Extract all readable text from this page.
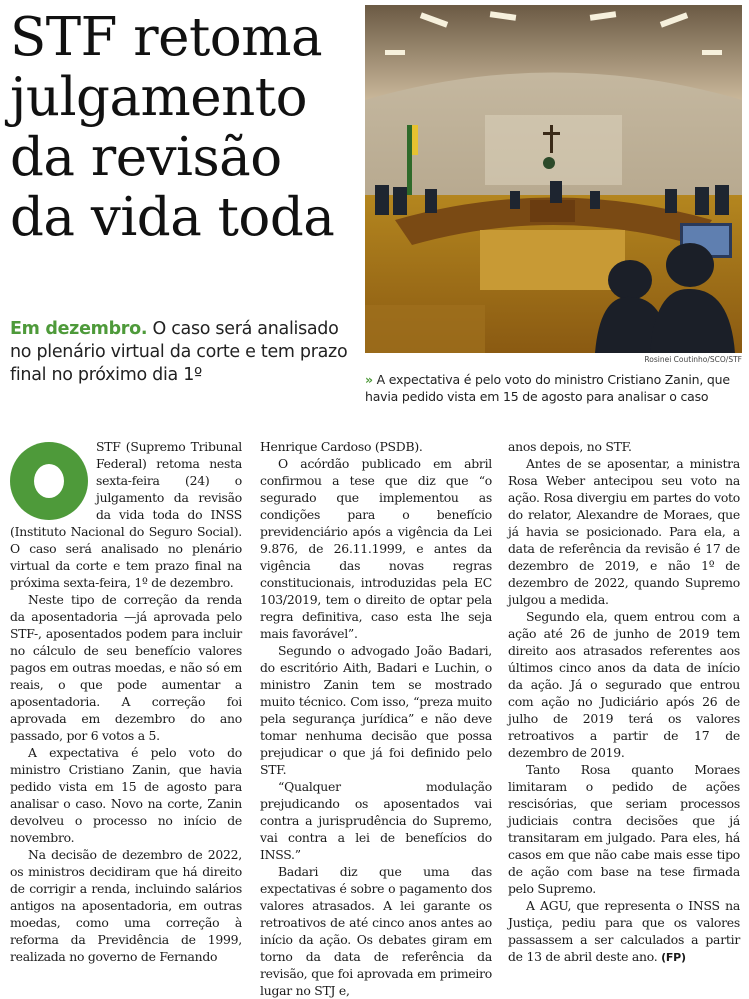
STF retoma
julgamento
da revisão
da vida toda
Em dezembro. O caso será analisado no plenário virtual da corte e tem prazo final no próximo dia 1º
Rosinei Coutinho/SCO/STF
» A expectativa é pelo voto do ministro Cristiano Zanin, que havia pedido vista em 15 de agosto para analisar o caso

STF (Supremo Tribunal Federal) retoma nesta sexta-feira (24) o julgamento da revisão da vida toda do INSS (Instituto Nacional do Seguro Social). O caso será analisado no plenário virtual da corte e tem prazo final na próxima sexta-feira, 1º de dezembro.

Neste tipo de correção da renda da aposentadoria —já aprovada pelo STF-, aposentados podem para incluir no cálculo de seu benefício valores pagos em outras moedas, e não só em reais, o que pode aumentar a aposentadoria. A correção foi aprovada em dezembro do ano passado, por 6 votos a 5.

A expectativa é pelo voto do ministro Cristiano Zanin, que havia pedido vista em 15 de agosto para analisar o caso. Novo na corte, Zanin devolveu o processo no início de novembro.

Na decisão de dezembro de 2022, os ministros decidiram que há direito de corrigir a renda, incluindo salários antigos na aposentadoria, em outras moedas, como uma correção à reforma da Previdência de 1999, realizada no governo de Fernando

Henrique Cardoso (PSDB).

O acórdão publicado em abril confirmou a tese que diz que “o segurado que implementou as condições para o benefício previdenciário após a vigência da Lei 9.876, de 26.11.1999, e antes da vigência das novas regras constitucionais, introduzidas pela EC 103/2019, tem o direito de optar pela regra definitiva, caso esta lhe seja mais favorável”.

Segundo o advogado João Badari, do escritório Aith, Badari e Luchin, o ministro Zanin tem se mostrado muito técnico. Com isso, “preza muito pela segurança jurídica” e não deve tomar nenhuma decisão que possa prejudicar o que já foi definido pelo STF.

“Qualquer modulação prejudicando os aposentados vai contra a jurisprudência do Supremo, vai contra a lei de benefícios do INSS.”

Badari diz que uma das expectativas é sobre o pagamento dos valores atrasados. A lei garante os retroativos de até cinco anos antes ao início da ação. Os debates giram em torno da data de referência da revisão, que foi aprovada em primeiro lugar no STJ e,

anos depois, no STF.

Antes de se aposentar, a ministra Rosa Weber antecipou seu voto na ação. Rosa divergiu em partes do voto do relator, Alexandre de Moraes, que já havia se posicionado. Para ela, a data de referência da revisão é 17 de dezembro de 2019, e não 1º de dezembro de 2022, quando Supremo julgou a medida.

Segundo ela, quem entrou com a ação até 26 de junho de 2019 tem direito aos atrasados referentes aos últimos cinco anos da data de início da ação. Já o segurado que entrou com ação no Judiciário após 26 de julho de 2019 terá os valores retroativos a partir de 17 de dezembro de 2019.

Tanto Rosa quanto Moraes limitaram o pedido de ações rescisórias, que seriam processos judiciais contra decisões que já transitaram em julgado. Para eles, há casos em que não cabe mais esse tipo de ação com base na tese firmada pelo Supremo.

A AGU, que representa o INSS na Justiça, pediu para que os valores passassem a ser calculados a partir de 13 de abril deste ano. (FP)
